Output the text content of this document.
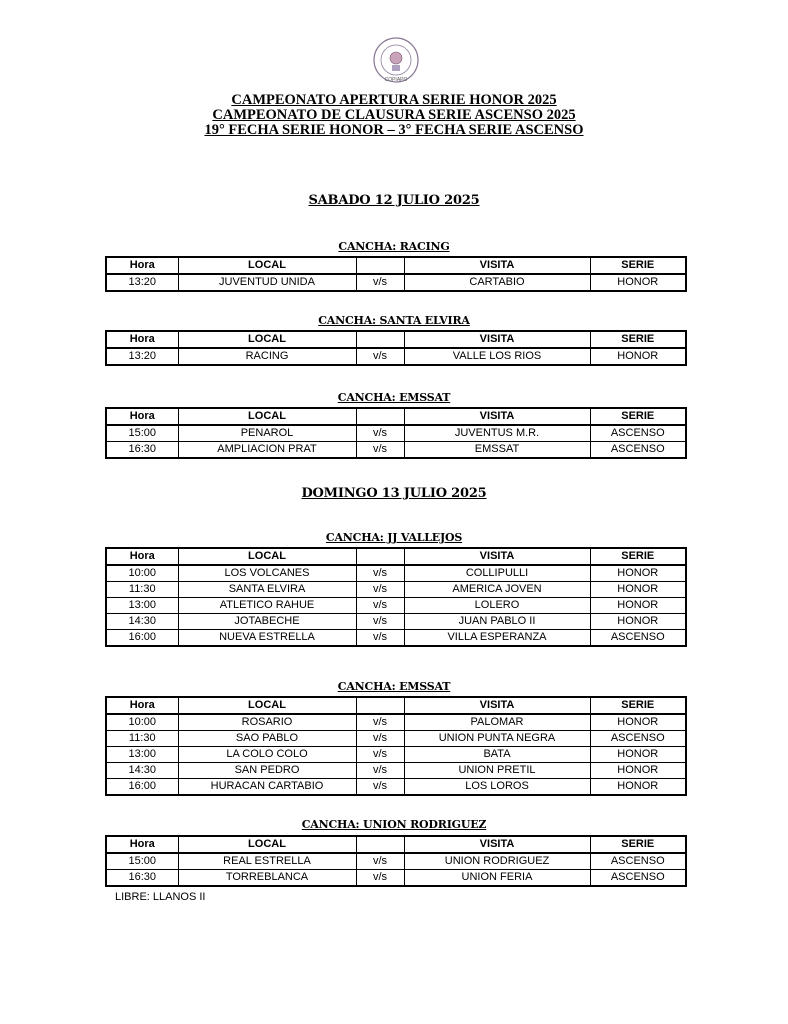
COPIAPO
CAMPEONATO APERTURA SERIE HONOR 2025
CAMPEONATO DE CLAUSURA SERIE ASCENSO 2025
19° FECHA SERIE HONOR – 3° FECHA SERIE ASCENSO
SABADO 12 JULIO 2025
CANCHA: RACING
Hora	LOCAL		VISITA	SERIE
13:20	JUVENTUD UNIDA	v/s	CARTABIO	HONOR
CANCHA: SANTA ELVIRA
Hora	LOCAL		VISITA	SERIE
13:20	RACING	v/s	VALLE LOS RIOS	HONOR
CANCHA: EMSSAT
Hora	LOCAL		VISITA	SERIE
15:00	PENAROL	v/s	JUVENTUS M.R.	ASCENSO
16:30	AMPLIACION PRAT	v/s	EMSSAT	ASCENSO
DOMINGO 13 JULIO 2025
CANCHA: JJ VALLEJOS
Hora	LOCAL		VISITA	SERIE
10:00	LOS VOLCANES	v/s	COLLIPULLI	HONOR
11:30	SANTA ELVIRA	v/s	AMERICA JOVEN	HONOR
13:00	ATLETICO RAHUE	v/s	LOLERO	HONOR
14:30	JOTABECHE	v/s	JUAN PABLO II	HONOR
16:00	NUEVA ESTRELLA	v/s	VILLA ESPERANZA	ASCENSO
CANCHA: EMSSAT
Hora	LOCAL		VISITA	SERIE
10:00	ROSARIO	v/s	PALOMAR	HONOR
11:30	SAO PABLO	v/s	UNION PUNTA NEGRA	ASCENSO
13:00	LA COLO COLO	v/s	BATA	HONOR
14:30	SAN PEDRO	v/s	UNION PRETIL	HONOR
16:00	HURACAN CARTABIO	v/s	LOS LOROS	HONOR
CANCHA: UNION RODRIGUEZ
Hora	LOCAL		VISITA	SERIE
15:00	REAL ESTRELLA	v/s	UNION RODRIGUEZ	ASCENSO
16:30	TORREBLANCA	v/s	UNION FERIA	ASCENSO
LIBRE: LLANOS II
